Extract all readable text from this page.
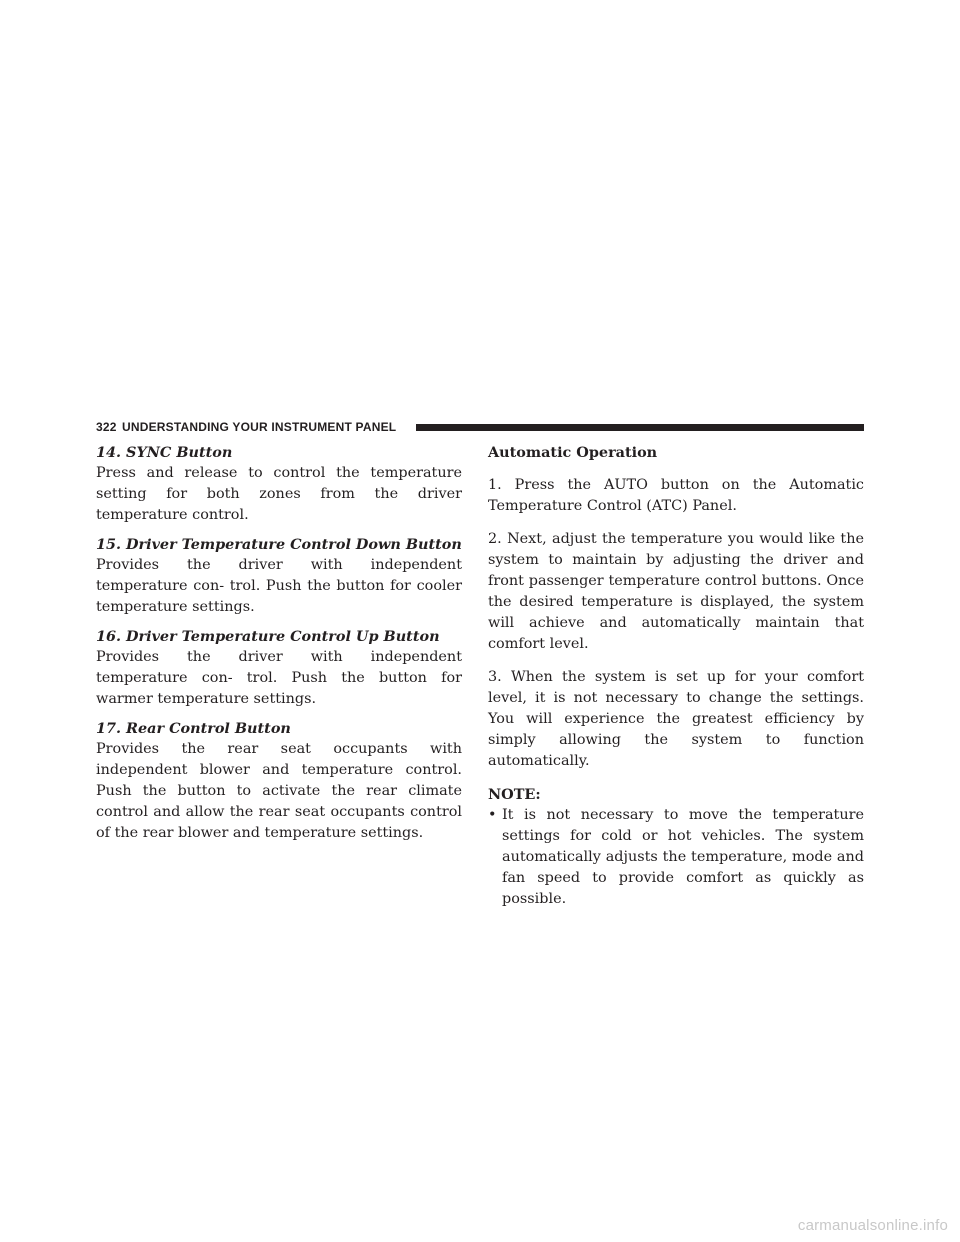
322 UNDERSTANDING YOUR INSTRUMENT PANEL

14. SYNC Button

Press and release to control the temperature setting for both zones from the driver temperature control.

15. Driver Temperature Control Down Button

Provides the driver with independent temperature con- trol. Push the button for cooler temperature settings.

16. Driver Temperature Control Up Button

Provides the driver with independent temperature con- trol. Push the button for warmer temperature settings.

17. Rear Control Button

Provides the rear seat occupants with independent blower and temperature control. Push the button to activate the rear climate control and allow the rear seat occupants control of the rear blower and temperature settings.

Automatic Operation

1. Press the AUTO button on the Automatic Temperature Control (ATC) Panel.

2. Next, adjust the temperature you would like the system to maintain by adjusting the driver and front passenger temperature control buttons. Once the desired temperature is displayed, the system will achieve and automatically maintain that comfort level.

3. When the system is set up for your comfort level, it is not necessary to change the settings. You will experience the greatest efficiency by simply allowing the system to function automatically.

NOTE:

• It is not necessary to move the temperature settings for cold or hot vehicles. The system automatically adjusts the temperature, mode and fan speed to provide comfort as quickly as possible.
carmanualsonline.info
